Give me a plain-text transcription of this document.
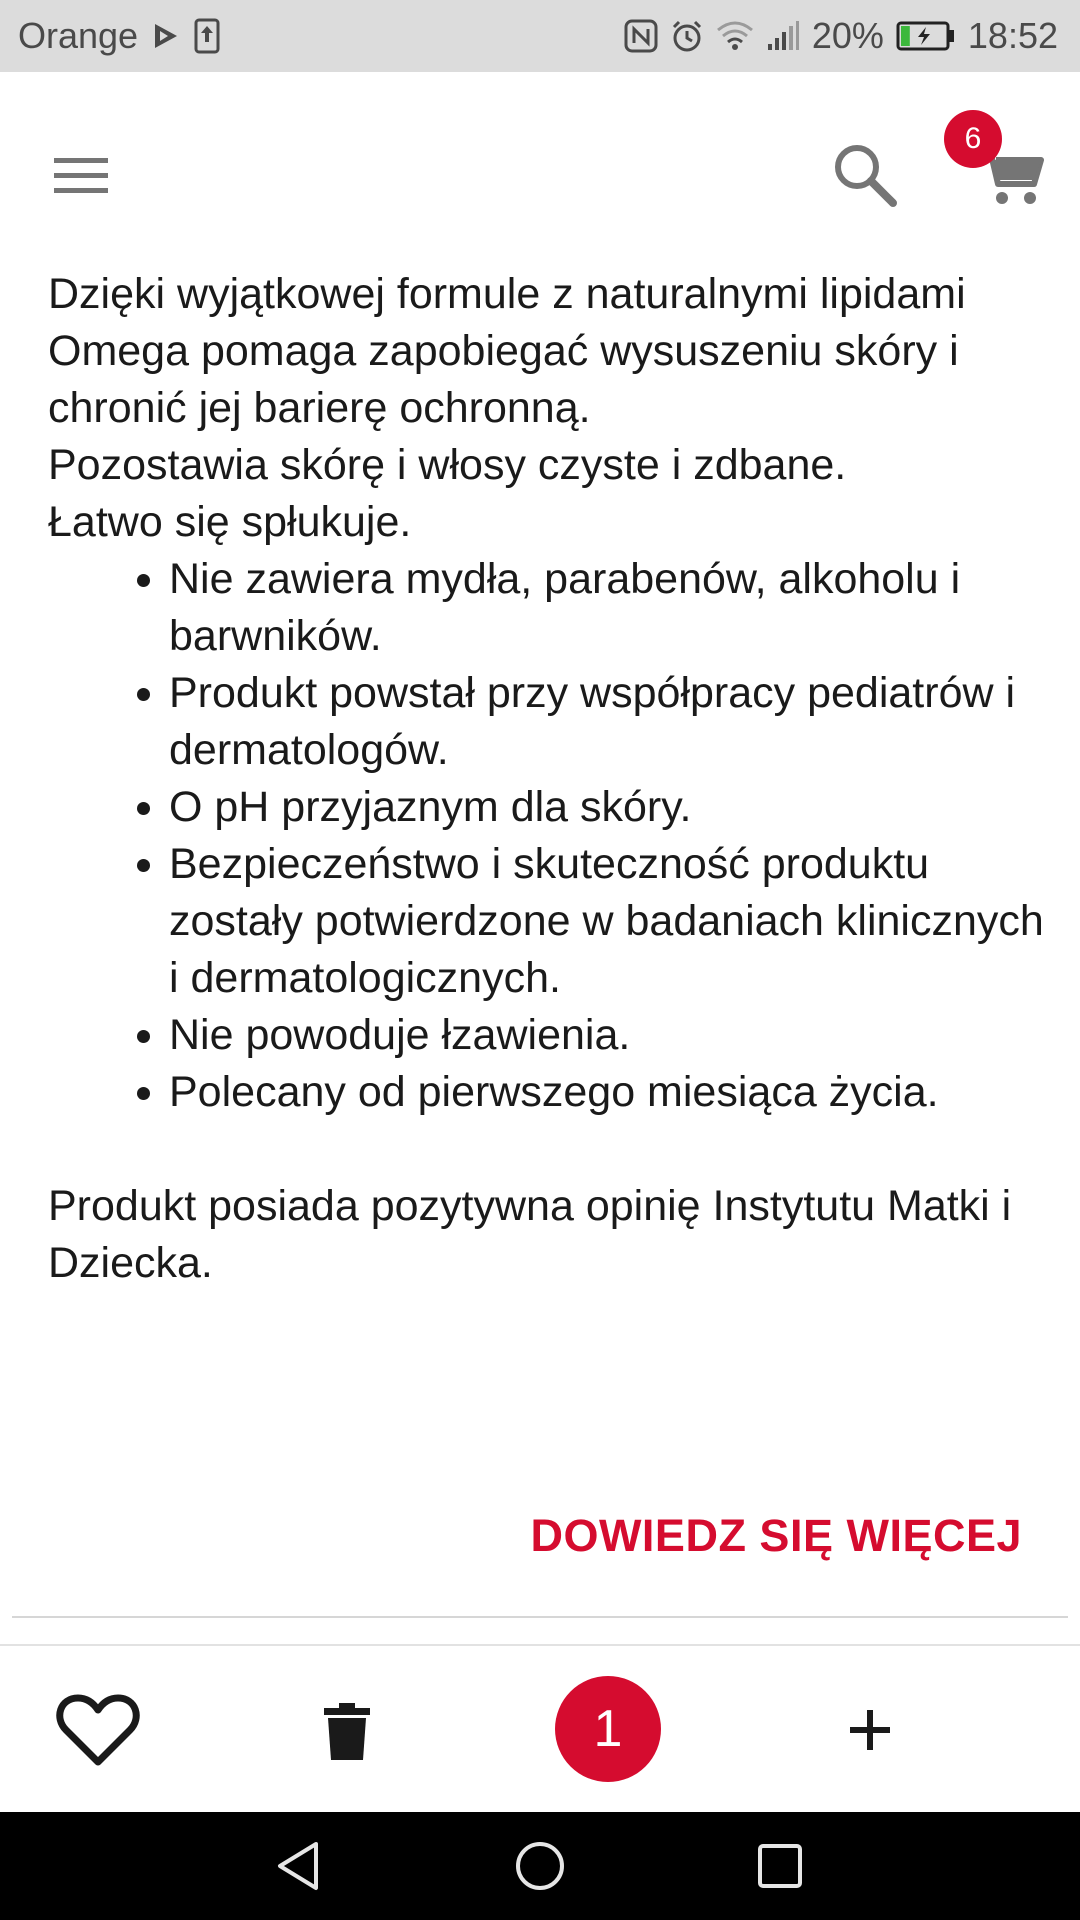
Orange	20% 18:52
6

Dzięki wyjątkowej formule z naturalnymi lipidami Omega pomaga zapobiegać wysuszeniu skóry i chronić jej barierę ochronną.

Pozostawia skórę i włosy czyste i zdbane.

Łatwo się spłukuje.

• Nie zawiera mydła, parabenów, alkoholu i barwników.
• Produkt powstał przy współpracy pediatrów i dermatologów.
• O pH przyjaznym dla skóry.
• Bezpieczeństwo i skuteczność produktu zostały potwierdzone w badaniach klinicznych i dermatologicznych.
• Nie powoduje łzawienia.
• Polecany od pierwszego miesiąca życia.

Produkt posiada pozytywna opinię Instytutu Matki i Dziecka.

DOWIEDZ SIĘ WIĘCEJ
1
